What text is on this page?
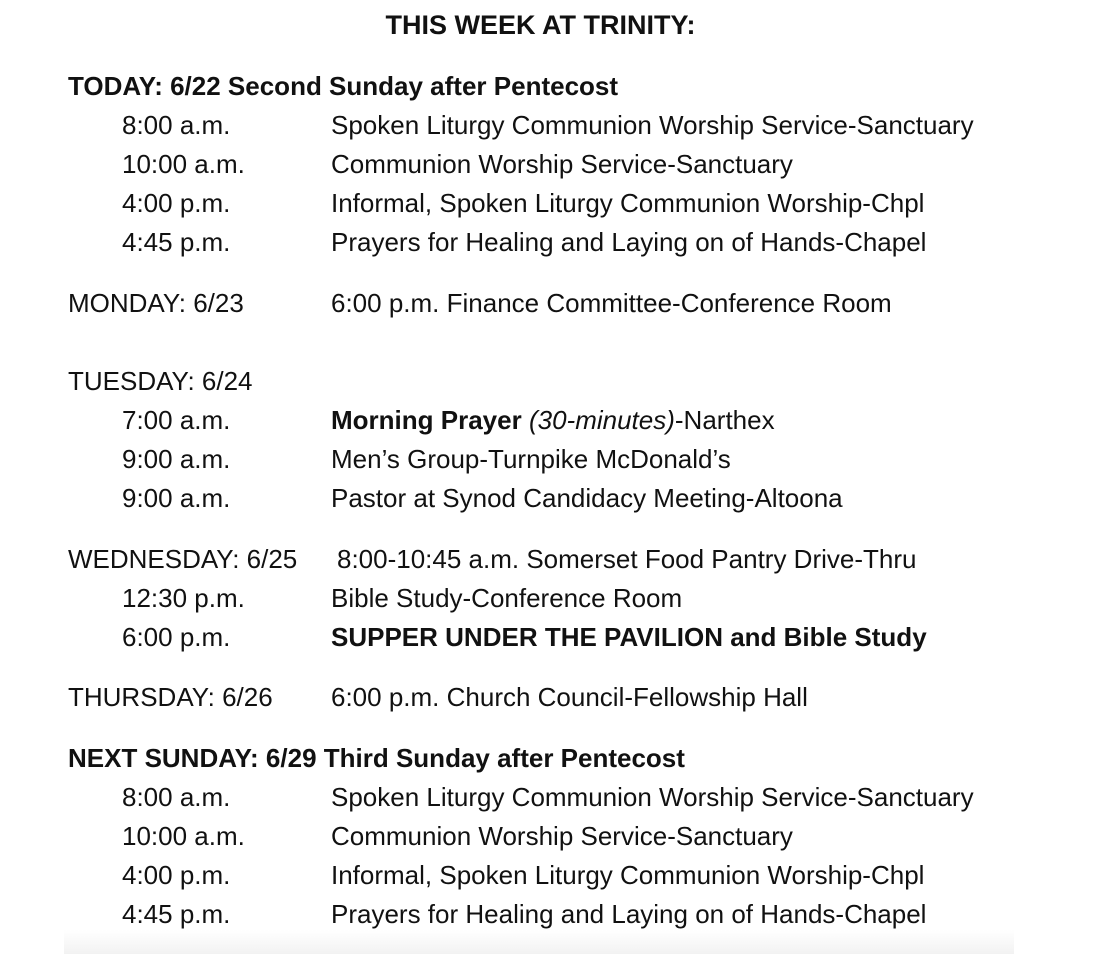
THIS WEEK AT TRINITY:
TODAY: 6/22 Second Sunday after Pentecost
8:00 a.m.	Spoken Liturgy Communion Worship Service-Sanctuary
10:00 a.m.	Communion Worship Service-Sanctuary
4:00 p.m.	Informal, Spoken Liturgy Communion Worship-Chpl
4:45 p.m.	Prayers for Healing and Laying on of Hands-Chapel
MONDAY: 6/23	6:00 p.m. Finance Committee-Conference Room
TUESDAY: 6/24
7:00 a.m.	Morning Prayer (30-minutes)-Narthex
9:00 a.m.	Men’s Group-Turnpike McDonald’s
9:00 a.m.	Pastor at Synod Candidacy Meeting-Altoona
WEDNESDAY: 6/25 8:00-10:45 a.m. Somerset Food Pantry Drive-Thru
12:30 p.m.	Bible Study-Conference Room
6:00 p.m.	SUPPER UNDER THE PAVILION and Bible Study
THURSDAY: 6/26 6:00 p.m. Church Council-Fellowship Hall
NEXT SUNDAY: 6/29 Third Sunday after Pentecost
8:00 a.m.	Spoken Liturgy Communion Worship Service-Sanctuary
10:00 a.m.	Communion Worship Service-Sanctuary
4:00 p.m.	Informal, Spoken Liturgy Communion Worship-Chpl
4:45 p.m.	Prayers for Healing and Laying on of Hands-Chapel
